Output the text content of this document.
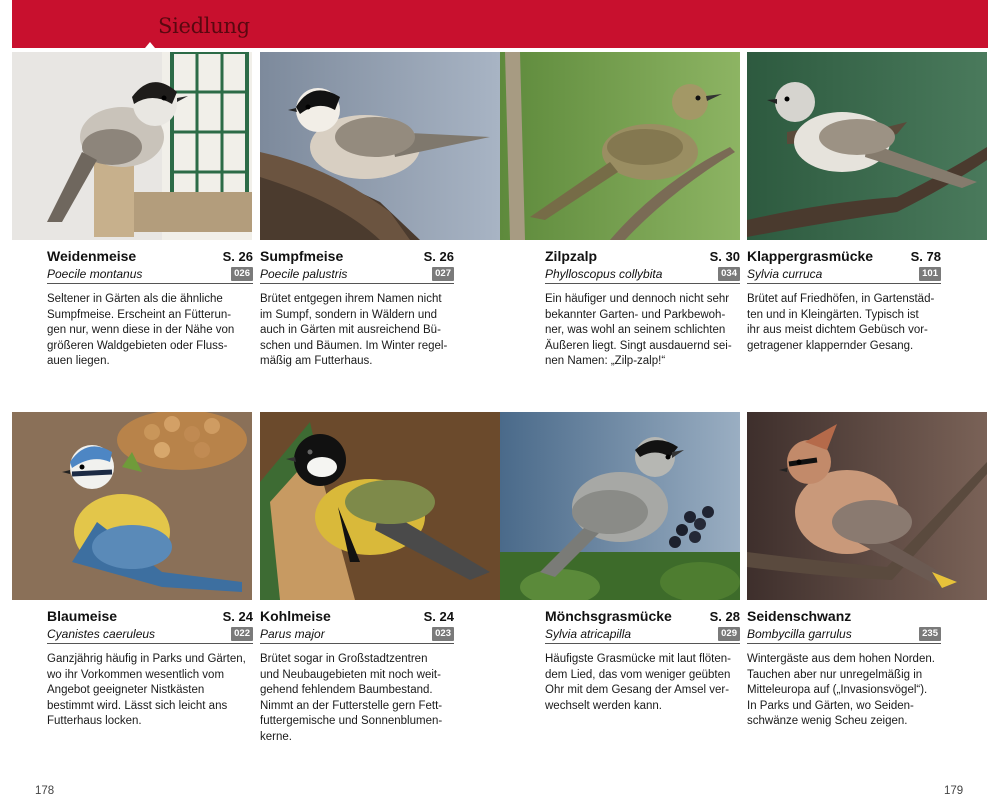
Siedlung
Weidenmeise	S. 26
Poecile montanus	026
Seltener in Gärten als die ähnliche
Sumpfmeise. Erscheint an Fütterun-
gen nur, wenn diese in der Nähe von
größeren Waldgebieten oder Fluss-
auen liegen.
Sumpfmeise	S. 26
Poecile palustris	027
Brütet entgegen ihrem Namen nicht
im Sumpf, sondern in Wäldern und
auch in Gärten mit ausreichend Bü-
schen und Bäumen. Im Winter regel-
mäßig am Futterhaus.
Zilpzalp	S. 30
Phylloscopus collybita	034
Ein häufiger und dennoch nicht sehr
bekannter Garten- und Parkbewoh-
ner, was wohl an seinem schlichten
Äußeren liegt. Singt ausdauernd sei-
nen Namen: „Zilp-zalp!“
Klappergrasmücke	S. 78
Sylvia curruca	101
Brütet auf Friedhöfen, in Gartenstäd-
ten und in Kleingärten. Typisch ist
ihr aus meist dichtem Gebüsch vor-
getragener klappernder Gesang.
Blaumeise	S. 24
Cyanistes caeruleus	022
Ganzjährig häufig in Parks und Gärten,
wo ihr Vorkommen wesentlich vom
Angebot geeigneter Nistkästen
bestimmt wird. Lässt sich leicht ans
Futterhaus locken.
Kohlmeise	S. 24
Parus major	023
Brütet sogar in Großstadtzentren
und Neubaugebieten mit noch weit-
gehend fehlendem Baumbestand.
Nimmt an der Futterstelle gern Fett-
futtergemische und Sonnenblumen-
kerne.
Mönchsgrasmücke	S. 28
Sylvia atricapilla	029
Häufigste Grasmücke mit laut flöten-
dem Lied, das vom weniger geübten
Ohr mit dem Gesang der Amsel ver-
wechselt werden kann.
Seidenschwanz
Bombycilla garrulus	235
Wintergäste aus dem hohen Norden.
Tauchen aber nur unregelmäßig in
Mitteleuropa auf („Invasionsvögel“).
In Parks und Gärten, wo Seiden-
schwänze wenig Scheu zeigen.
178	179
